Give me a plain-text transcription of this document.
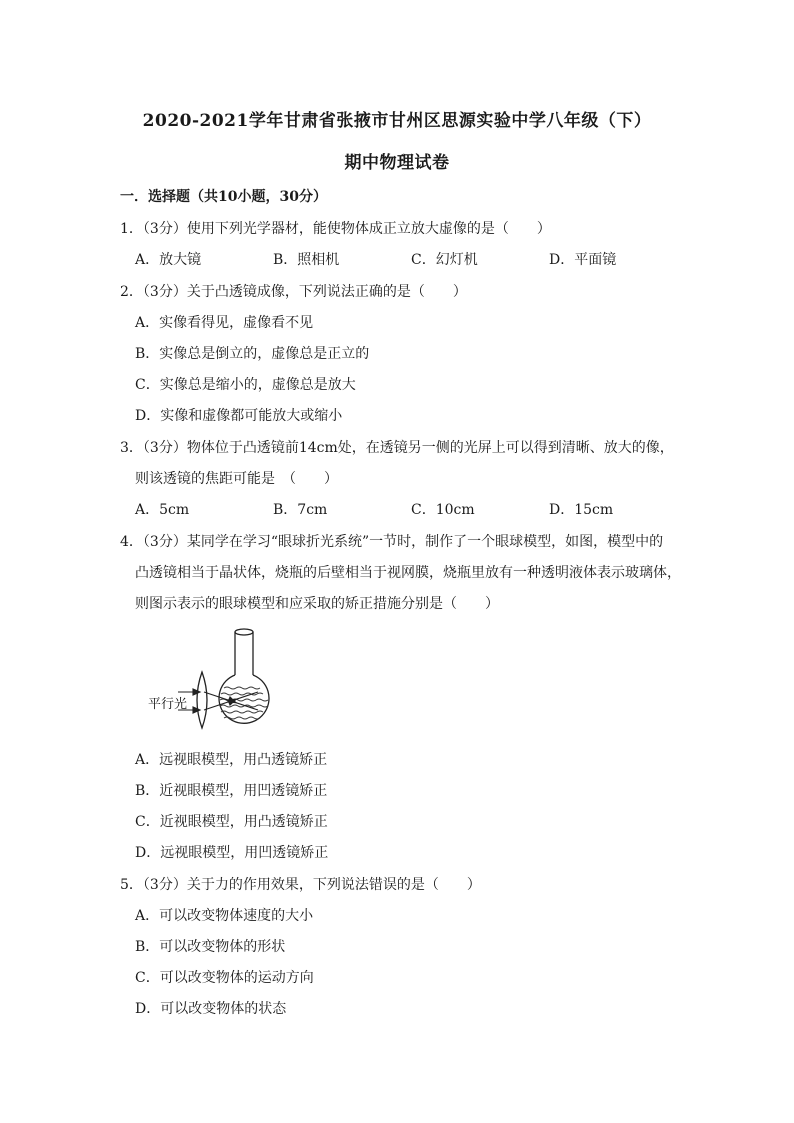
2020-2021学年甘肃省张掖市甘州区思源实验中学八年级（下）
期中物理试卷
一．选择题（共10小题，30分）
1．（3分）使用下列光学器材，能使物体成正立放大虚像的是（　　）
A．放大镜	B．照相机	C．幻灯机	D．平面镜
2．（3分）关于凸透镜成像，下列说法正确的是（　　）
A．实像看得见，虚像看不见
B．实像总是倒立的，虚像总是正立的
C．实像总是缩小的，虚像总是放大
D．实像和虚像都可能放大或缩小
3．（3分）物体位于凸透镜前14cm处，在透镜另一侧的光屏上可以得到清晰、放大的像，
则该透镜的焦距可能是　（　　）
A．5cm	B．7cm	C．10cm	D．15cm
4．（3分）某同学在学习“眼球折光系统”一节时，制作了一个眼球模型，如图，模型中的
凸透镜相当于晶状体，烧瓶的后壁相当于视网膜，烧瓶里放有一种透明液体表示玻璃体，
则图示表示的眼球模型和应采取的矫正措施分别是（　　）
平行光
A．远视眼模型，用凸透镜矫正
B．近视眼模型，用凹透镜矫正
C．近视眼模型，用凸透镜矫正
D．远视眼模型，用凹透镜矫正
5．（3分）关于力的作用效果，下列说法错误的是（　　）
A．可以改变物体速度的大小
B．可以改变物体的形状
C．可以改变物体的运动方向
D．可以改变物体的状态
